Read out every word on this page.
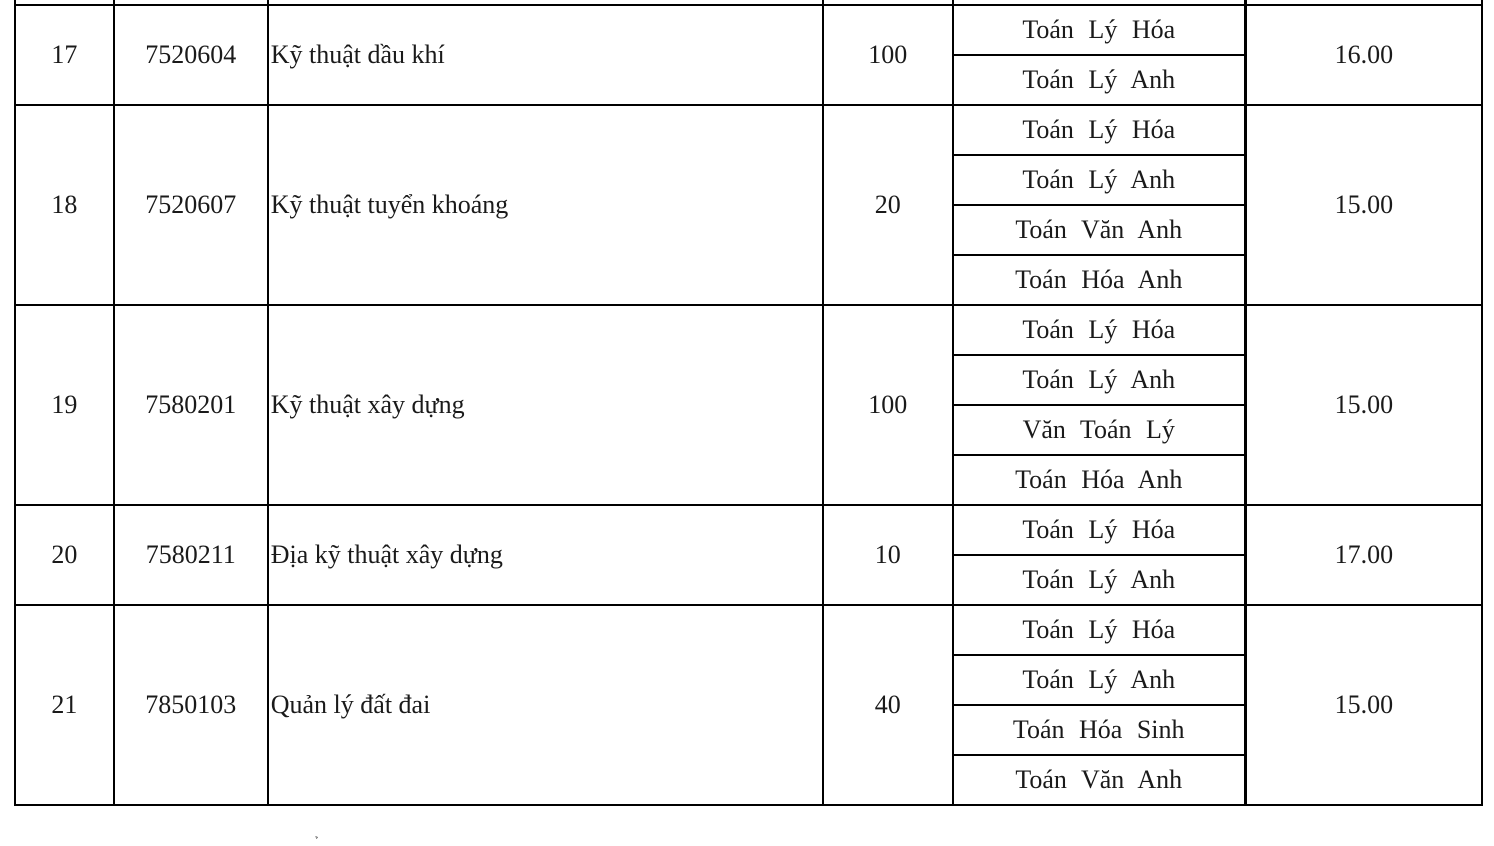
17	7520604	Kỹ thuật dầu khí	100	Toán Lý Hóa	16.00
				Toán Lý Anh	
18	7520607	Kỹ thuật tuyển khoáng	20	Toán Lý Hóa	15.00
				Toán Lý Anh	
				Toán Văn Anh	
				Toán Hóa Anh	
19	7580201	Kỹ thuật xây dựng	100	Toán Lý Hóa	15.00
				Toán Lý Anh	
				Văn Toán Lý	
				Toán Hóa Anh	
20	7580211	Địa kỹ thuật xây dựng	10	Toán Lý Hóa	17.00
				Toán Lý Anh	
21	7850103	Quản lý đất đai	40	Toán Lý Hóa	15.00
				Toán Lý Anh	
				Toán Hóa Sinh	
				Toán Văn Anh	
